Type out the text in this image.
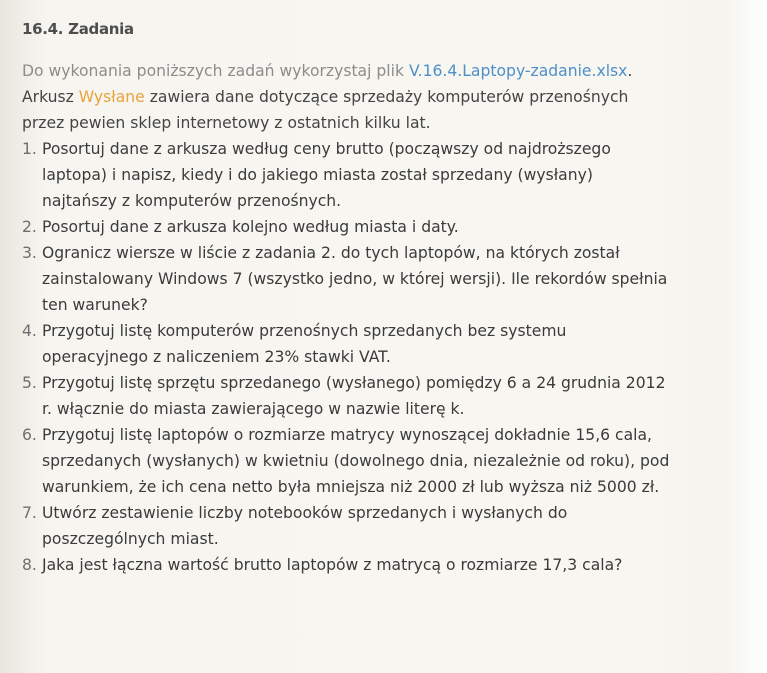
16.4. Zadania

Do wykonania poniższych zadań wykorzystaj plik V.16.4.Laptopy-zadanie.xlsx. Arkusz Wysłane zawiera dane dotyczące sprzedaży komputerów przenośnych przez pewien sklep internetowy z ostatnich kilku lat.

1. Posortuj dane z arkusza według ceny brutto (począwszy od najdroższego laptopa) i napisz, kiedy i do jakiego miasta został sprzedany (wysłany) najtańszy z komputerów przenośnych.
2. Posortuj dane z arkusza kolejno według miasta i daty.
3. Ogranicz wiersze w liście z zadania 2. do tych laptopów, na których został zainstalowany Windows 7 (wszystko jedno, w której wersji). Ile rekordów spełnia ten warunek?
4. Przygotuj listę komputerów przenośnych sprzedanych bez systemu operacyjnego z naliczeniem 23% stawki VAT.
5. Przygotuj listę sprzętu sprzedanego (wysłanego) pomiędzy 6 a 24 grudnia 2012 r. włącznie do miasta zawierającego w nazwie literę k.
6. Przygotuj listę laptopów o rozmiarze matrycy wynoszącej dokładnie 15,6 cala, sprzedanych (wysłanych) w kwietniu (dowolnego dnia, niezależnie od roku), pod warunkiem, że ich cena netto była mniejsza niż 2000 zł lub wyższa niż 5000 zł.
7. Utwórz zestawienie liczby notebooków sprzedanych i wysłanych do poszczególnych miast.
8. Jaka jest łączna wartość brutto laptopów z matrycą o rozmiarze 17,3 cala?
